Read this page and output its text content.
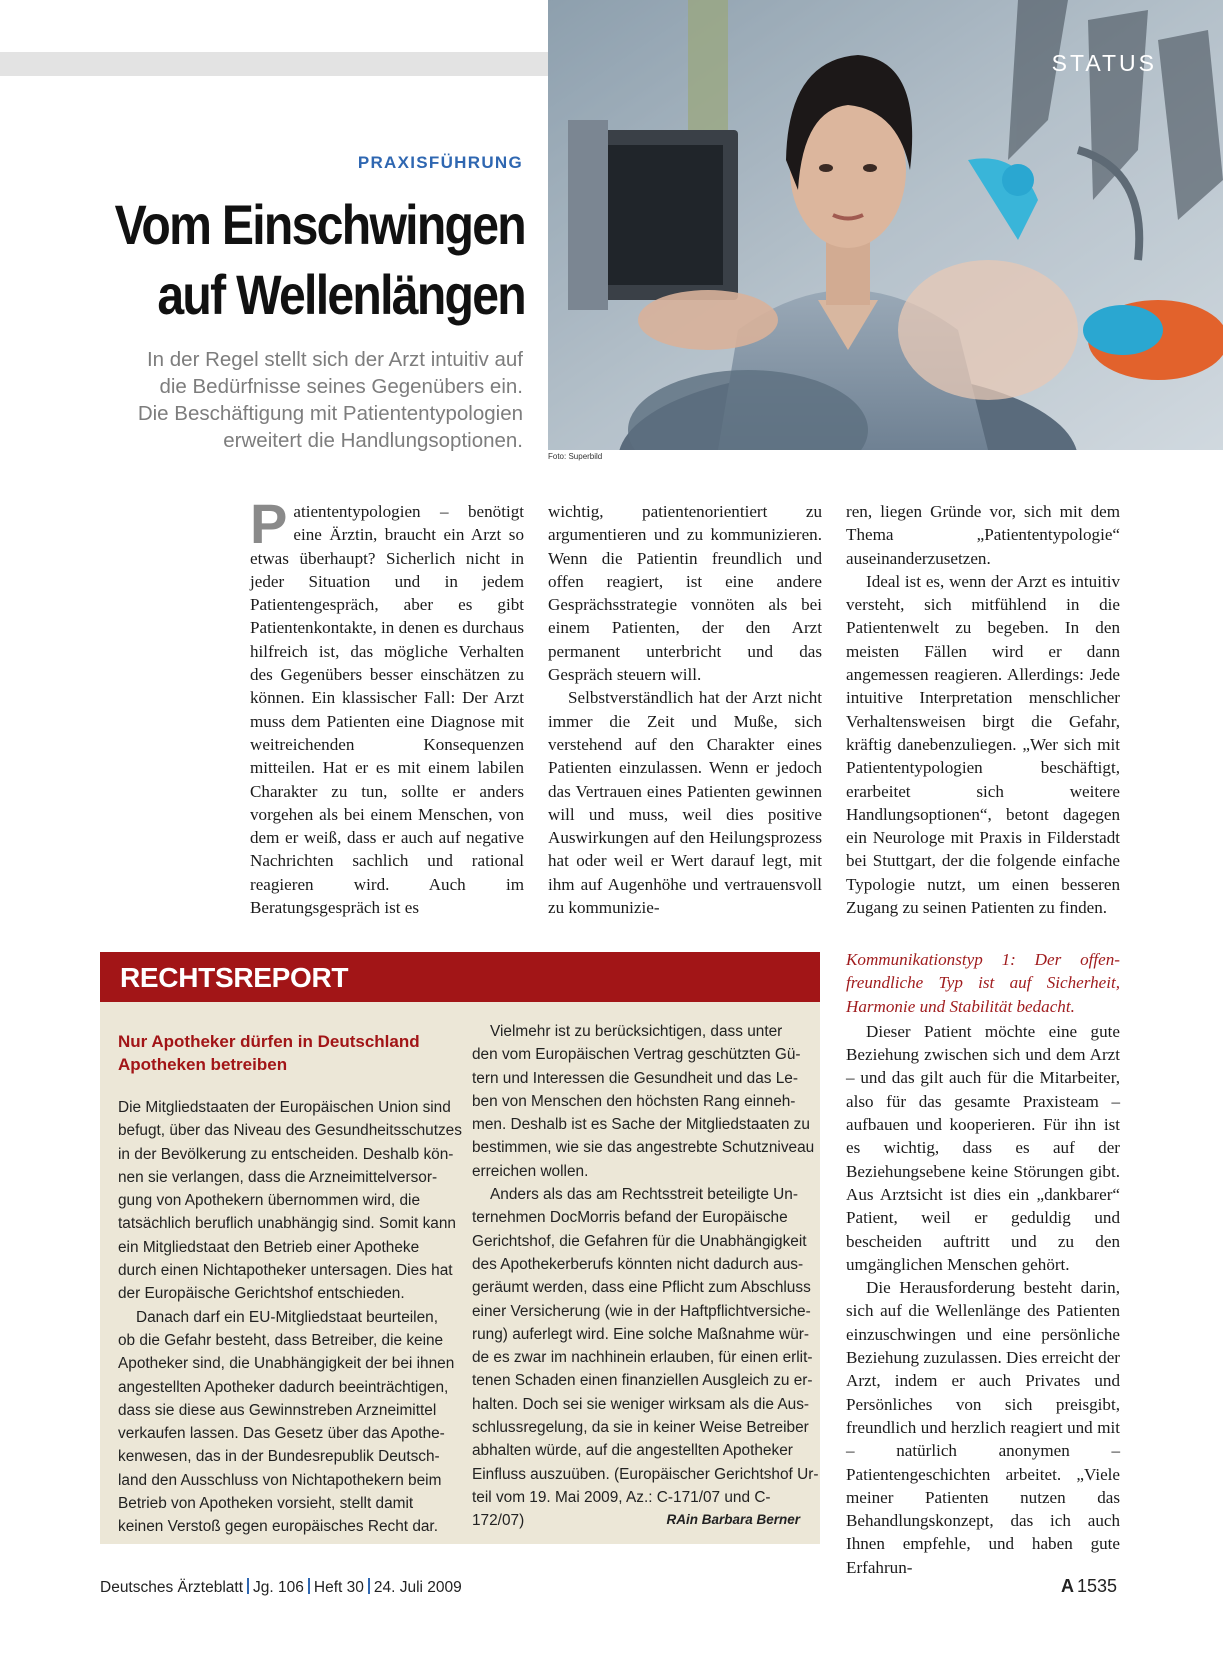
STATUS
Foto: Superbild
PRAXISFÜHRUNG
Vom Einschwingen
auf Wellenlängen
In der Regel stellt sich der Arzt intuitiv auf
die Bedürfnisse seines Gegenübers ein.
Die Beschäftigung mit Patiententypologien
erweitert die Handlungsoptionen.

Patiententypologien – benötigt eine Ärztin, braucht ein Arzt so etwas überhaupt? Sicherlich nicht in jeder Situation und in jedem Patientengespräch, aber es gibt Patientenkontakte, in denen es durchaus hilfreich ist, das mögliche Verhalten des Gegenübers besser einschätzen zu können. Ein klassischer Fall: Der Arzt muss dem Patienten eine Diagnose mit weitreichenden Konsequenzen mitteilen. Hat er es mit einem labilen Charakter zu tun, sollte er anders vorgehen als bei einem Menschen, von dem er weiß, dass er auch auf negative Nachrichten sachlich und rational reagieren wird. Auch im Beratungsgespräch ist es

wichtig, patientenorientiert zu argumentieren und zu kommunizieren. Wenn die Patientin freundlich und offen reagiert, ist eine andere Gesprächsstrategie vonnöten als bei einem Patienten, der den Arzt permanent unterbricht und das Gespräch steuern will.

Selbstverständlich hat der Arzt nicht immer die Zeit und Muße, sich verstehend auf den Charakter eines Patienten einzulassen. Wenn er jedoch das Vertrauen eines Patienten gewinnen will und muss, weil dies positive Auswirkungen auf den Heilungsprozess hat oder weil er Wert darauf legt, mit ihm auf Augenhöhe und vertrauensvoll zu kommunizie-

ren, liegen Gründe vor, sich mit dem Thema „Patiententypologie“ auseinanderzusetzen.

Ideal ist es, wenn der Arzt es intuitiv versteht, sich mitfühlend in die Patientenwelt zu begeben. In den meisten Fällen wird er dann angemessen reagieren. Allerdings: Jede intuitive Interpretation menschlicher Verhaltensweisen birgt die Gefahr, kräftig danebenzuliegen. „Wer sich mit Patiententypologien beschäftigt, erarbeitet sich weitere Handlungsoptionen“, betont dagegen ein Neurologe mit Praxis in Filderstadt bei Stuttgart, der die folgende einfache Typologie nutzt, um einen besseren Zugang zu seinen Patienten zu finden.

Kommunikationstyp 1: Der offen-freundliche Typ ist auf Sicherheit, Harmonie und Stabilität bedacht.

Dieser Patient möchte eine gute Beziehung zwischen sich und dem Arzt – und das gilt auch für die Mitarbeiter, also für das gesamte Praxisteam – aufbauen und kooperieren. Für ihn ist es wichtig, dass es auf der Beziehungsebene keine Störungen gibt. Aus Arztsicht ist dies ein „dankbarer“ Patient, weil er geduldig und bescheiden auftritt und zu den umgänglichen Menschen gehört.

Die Herausforderung besteht darin, sich auf die Wellenlänge des Patienten einzuschwingen und eine persönliche Beziehung zuzulassen. Dies erreicht der Arzt, indem er auch Privates und Persönliches von sich preisgibt, freundlich und herzlich reagiert und mit – natürlich anonymen – Patientengeschichten arbeitet. „Viele meiner Patienten nutzen das Behandlungskonzept, das ich auch Ihnen empfehle, und haben gute Erfahrun-

RECHTSREPORT
Nur Apotheker dürfen in Deutschland
Apotheken betreiben

Die Mitgliedstaaten der Europäischen Union sind
befugt, über das Niveau des Gesundheitsschutzes
in der Bevölkerung zu entscheiden. Deshalb kön-
nen sie verlangen, dass die Arzneimittelversor-
gung von Apothekern übernommen wird, die
tatsächlich beruflich unabhängig sind. Somit kann
ein Mitgliedstaat den Betrieb einer Apotheke
durch einen Nichtapotheker untersagen. Dies hat
der Europäische Gerichtshof entschieden.

Danach darf ein EU-Mitgliedstaat beurteilen,
ob die Gefahr besteht, dass Betreiber, die keine
Apotheker sind, die Unabhängigkeit der bei ihnen
angestellten Apotheker dadurch beeinträchtigen,
dass sie diese aus Gewinnstreben Arzneimittel
verkaufen lassen. Das Gesetz über das Apothe-
kenwesen, das in der Bundesrepublik Deutsch-
land den Ausschluss von Nichtapothekern beim
Betrieb von Apotheken vorsieht, stellt damit
keinen Verstoß gegen europäisches Recht dar.

Vielmehr ist zu berücksichtigen, dass unter
den vom Europäischen Vertrag geschützten Gü-
tern und Interessen die Gesundheit und das Le-
ben von Menschen den höchsten Rang einneh-
men. Deshalb ist es Sache der Mitgliedstaaten zu
bestimmen, wie sie das angestrebte Schutzniveau
erreichen wollen.

Anders als das am Rechtsstreit beteiligte Un-
ternehmen DocMorris befand der Europäische
Gerichtshof, die Gefahren für die Unabhängigkeit
des Apothekerberufs könnten nicht dadurch aus-
geräumt werden, dass eine Pflicht zum Abschluss
einer Versicherung (wie in der Haftpflichtversiche-
rung) auferlegt wird. Eine solche Maßnahme wür-
de es zwar im nachhinein erlauben, für einen erlit-
tenen Schaden einen finanziellen Ausgleich zu er-
halten. Doch sei sie weniger wirksam als die Aus-
schlussregelung, da sie in keiner Weise Betreiber
abhalten würde, auf die angestellten Apotheker
Einfluss auszuüben. (Europäischer Gerichtshof Ur-
teil vom 19. Mai 2009, Az.: C-171/07 und C-
172/07)	RAin Barbara Berner
Deutsches Ärzteblatt Jg. 106 Heft 30 24. Juli 2009	A 1535
